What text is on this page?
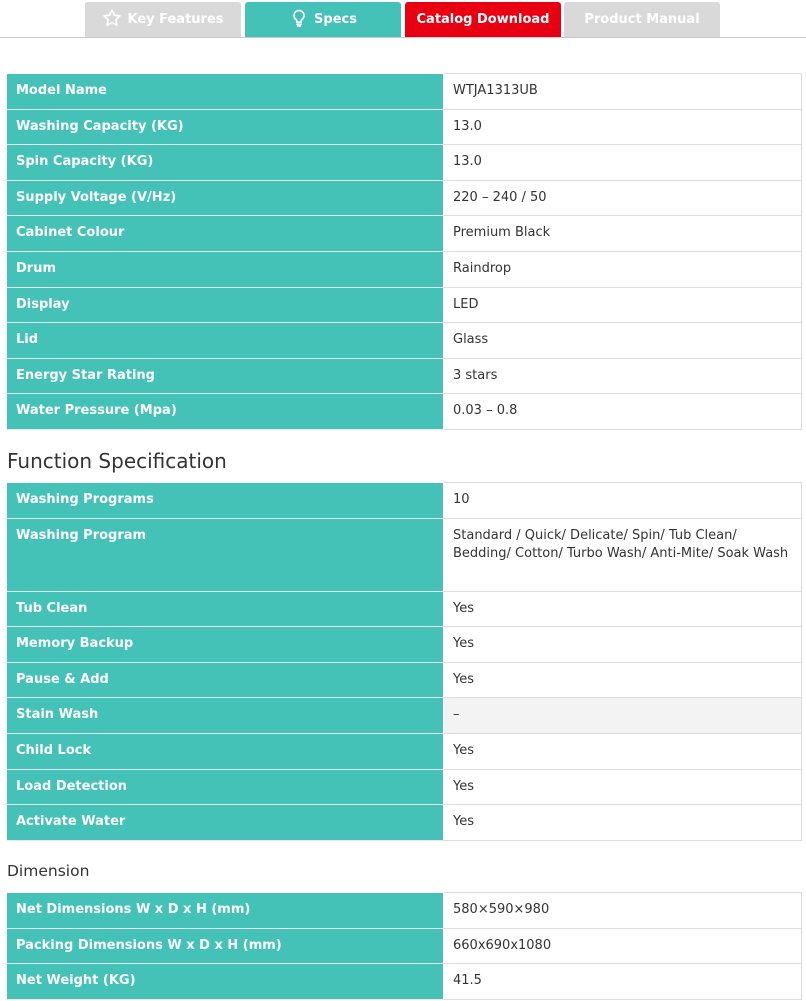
Key Features	Specs	Catalog Download	Product Manual
Model Name	WTJA1313UB
Washing Capacity (KG)	13.0
Spin Capacity (KG)	13.0
Supply Voltage (V/Hz)	220 – 240 / 50
Cabinet Colour	Premium Black
Drum	Raindrop
Display	LED
Lid	Glass
Energy Star Rating	3 stars
Water Pressure (Mpa)	0.03 – 0.8
Function Specification
Washing Programs	10
Washing Program	Standard / Quick/ Delicate/ Spin/ Tub Clean/ Bedding/ Cotton/ Turbo Wash/ Anti-Mite/ Soak Wash
Tub Clean	Yes
Memory Backup	Yes
Pause & Add	Yes
Stain Wash	–
Child Lock	Yes
Load Detection	Yes
Activate Water	Yes
Dimension
Net Dimensions W x D x H (mm)	580×590×980
Packing Dimensions W x D x H (mm)	660x690x1080
Net Weight (KG)	41.5
